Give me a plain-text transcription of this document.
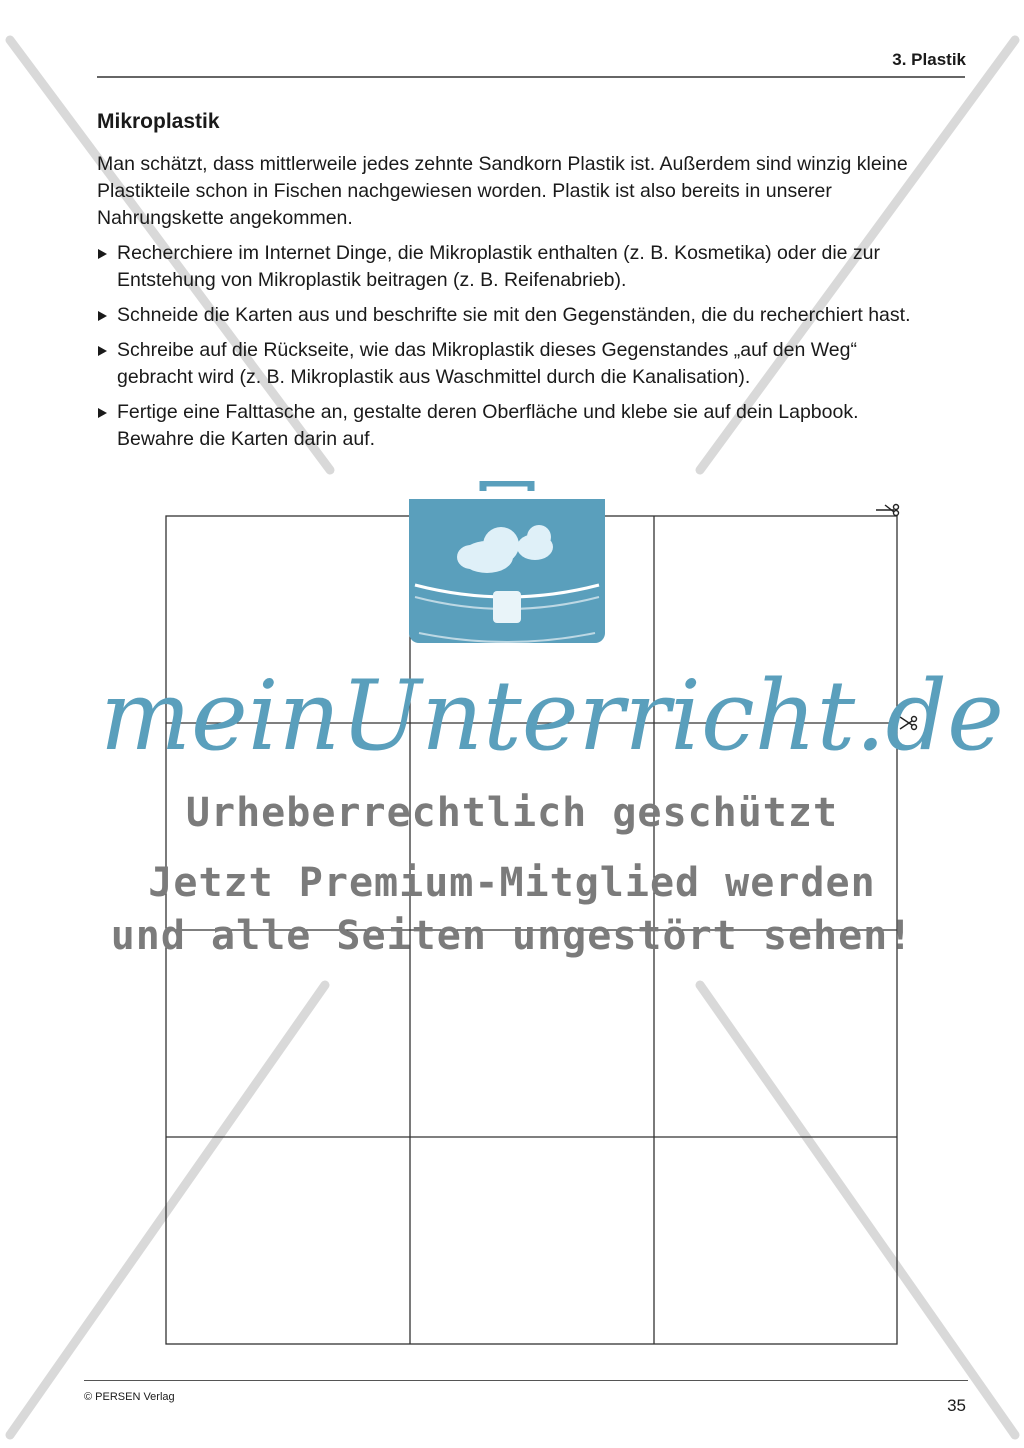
3. Plastik
Mikroplastik

Man schätzt, dass mittlerweile jedes zehnte Sandkorn Plastik ist. Außerdem sind winzig kleine Plastikteile schon in Fischen nachgewiesen worden. Plastik ist also bereits in unserer Nahrungskette angekommen.

Recherchiere im Internet Dinge, die Mikroplastik enthalten (z. B. Kosmetika) oder die zur Entstehung von Mikroplastik beitragen (z. B. Reifenabrieb).
Schneide die Karten aus und beschrifte sie mit den Gegenständen, die du recherchiert hast.
Schreibe auf die Rückseite, wie das Mikroplastik dieses Gegenstandes „auf den Weg“ gebracht wird (z. B. Mikroplastik aus Waschmittel durch die Kanalisation).
Fertige eine Falttasche an, gestalte deren Oberfläche und klebe sie auf dein Lapbook. Bewahre die Karten darin auf.
meinUnterricht.de
Urheberrechtlich geschützt
Jetzt Premium-Mitglied werden
und alle Seiten ungestört sehen!
© PERSEN Verlag	35
